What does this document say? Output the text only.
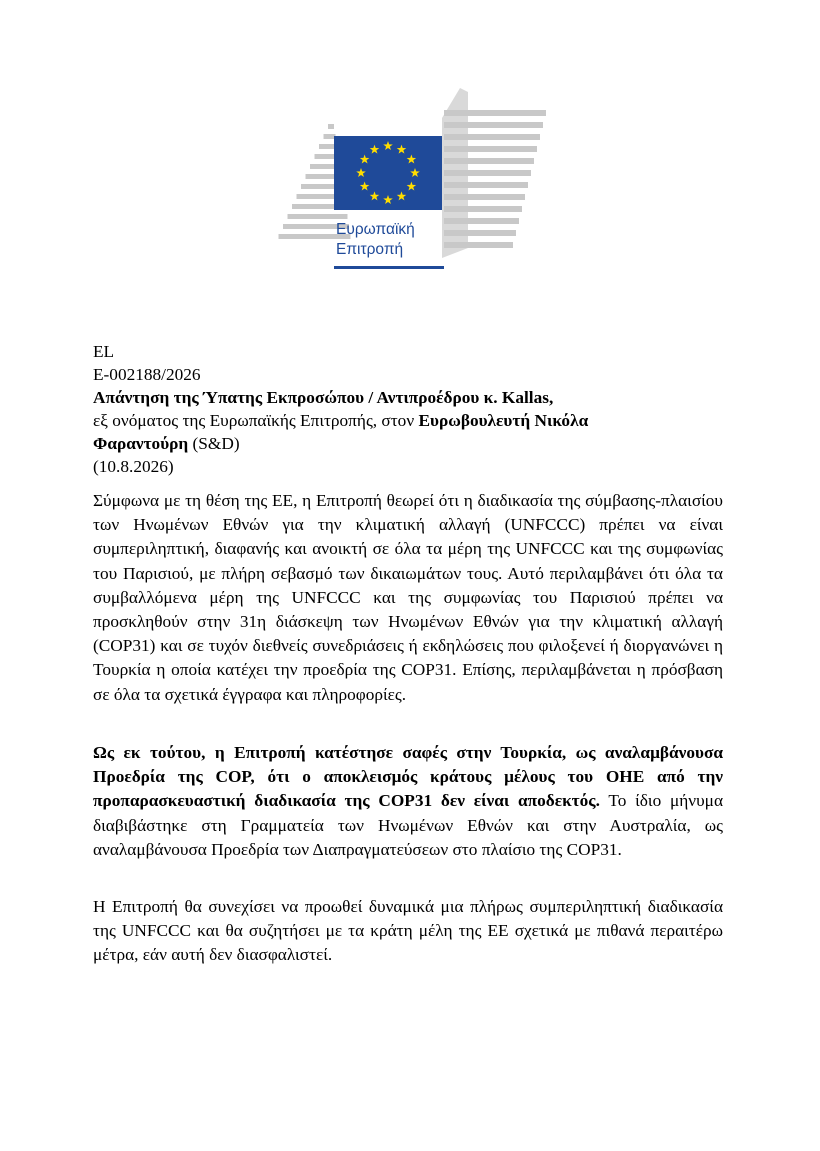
Ευρωπαϊκή
Επιτροπή
EL
E-002188/2026
Απάντηση της Ύπατης Εκπροσώπου / Αντιπροέδρου κ. Kallas,
εξ ονόματος της Ευρωπαϊκής Επιτροπής, στον Ευρωβουλευτή Νικόλα
Φαραντούρη (S&D)
(10.8.2026)
Σύμφωνα με τη θέση της ΕΕ, η Επιτροπή θεωρεί ότι η διαδικασία της σύμβασης-πλαισίου των Ηνωμένων Εθνών για την κλιματική αλλαγή (UNFCCC) πρέπει να είναι συμπεριληπτική, διαφανής και ανοικτή σε όλα τα μέρη της UNFCCC και της συμφωνίας του Παρισιού, με πλήρη σεβασμό των δικαιωμάτων τους. Αυτό περιλαμβάνει ότι όλα τα συμβαλλόμενα μέρη της UNFCCC και της συμφωνίας του Παρισιού πρέπει να προσκληθούν στην 31η διάσκεψη των Ηνωμένων Εθνών για την κλιματική αλλαγή (COP31) και σε τυχόν διεθνείς συνεδριάσεις ή εκδηλώσεις που φιλοξενεί ή διοργανώνει η Τουρκία η οποία κατέχει την προεδρία της COP31. Επίσης, περιλαμβάνεται η πρόσβαση σε όλα τα σχετικά έγγραφα και πληροφορίες.
Ως εκ τούτου, η Επιτροπή κατέστησε σαφές στην Τουρκία, ως αναλαμβάνουσα Προεδρία της COP, ότι ο αποκλεισμός κράτους μέλους του ΟΗΕ από την προπαρασκευαστική διαδικασία της COP31 δεν είναι αποδεκτός. Το ίδιο μήνυμα διαβιβάστηκε στη Γραμματεία των Ηνωμένων Εθνών και στην Αυστραλία, ως αναλαμβάνουσα Προεδρία των Διαπραγματεύσεων στο πλαίσιο της COP31.
Η Επιτροπή θα συνεχίσει να προωθεί δυναμικά μια πλήρως συμπεριληπτική διαδικασία της UNFCCC και θα συζητήσει με τα κράτη μέλη της ΕΕ σχετικά με πιθανά περαιτέρω μέτρα, εάν αυτή δεν διασφαλιστεί.
